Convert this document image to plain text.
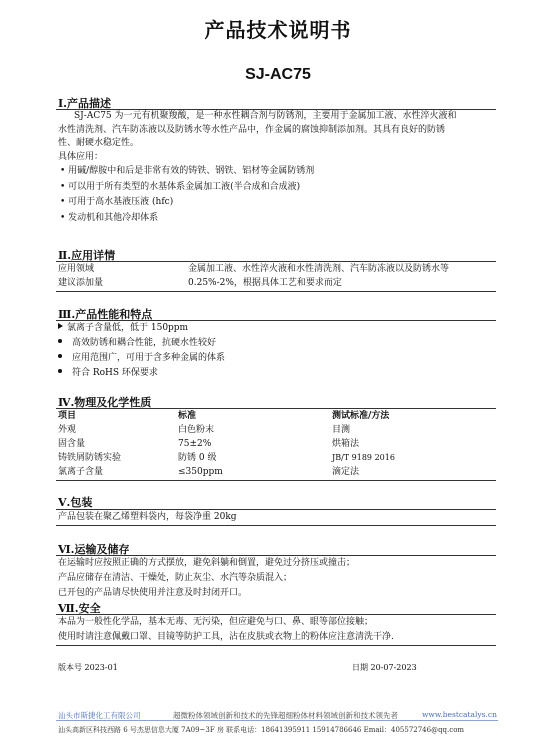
产品技术说明书
SJ-AC75
Ⅰ.产品描述
SJ-AC75 为一元有机聚羧酸，是一种水性耦合剂与防锈剂，主要用于金属加工液、水性淬火液和
水性清洗剂、汽车防冻液以及防锈水等水性产品中，作金属的腐蚀抑制添加剂。其具有良好的防锈
性、耐硬水稳定性。
具体应用：
• 用碱/醇胺中和后是非常有效的铸铁、钢铁、铝材等金属防锈剂
• 可以用于所有类型的水基体系金属加工液(半合成和合成液)
• 可用于高水基液压液 (hfc)
• 发动机和其他冷却体系
Ⅱ.应用详情
应用领域	金属加工液、水性淬火液和水性清洗剂、汽车防冻液以及防锈水等
建议添加量	0.25%-2%，根据具体工艺和要求而定
Ⅲ.产品性能和特点
氯离子含量低，低于 150ppm
高效防锈和耦合性能，抗硬水性较好
应用范围广，可用于含多种金属的体系
符合 RoHS 环保要求
Ⅳ.物理及化学性质
项目	标准	测试标准/方法
外观	白色粉末	目测
固含量	75±2%	烘箱法
铸铁屑防锈实验	防锈 0 级	JB/T 9189 2016
氯离子含量	≤350ppm	滴定法
Ⅴ.包装
产品包装在聚乙烯塑料袋内，每袋净重 20kg
Ⅵ.运输及储存
在运输时应按照正确的方式摆放，避免斜躺和倒置，避免过分挤压或撞击；
产品应储存在清洁、干燥处，防止灰尘、水汽等杂质混入；
已开包的产品请尽快使用并注意及时封闭开口。
Ⅶ.安全
本品为一般性化学品，基本无毒、无污染，但应避免与口、鼻、眼等部位接触；
使用时请注意佩戴口罩、目镜等防护工具，沾在皮肤或衣物上的粉体应注意清洗干净.
版本号 2023-01	日期 20-07-2023
汕头市斯捷化工有限公司	超微粉体领域创新和技术的先锋超细粉体材料领域创新和技术领先者	www.bestcatalys.cn
汕头高新区科技西路 6 号杰思信息大厦 7A09~3F 房 联系电话：18641395911 15914786646 Email：405572746@qq.com
